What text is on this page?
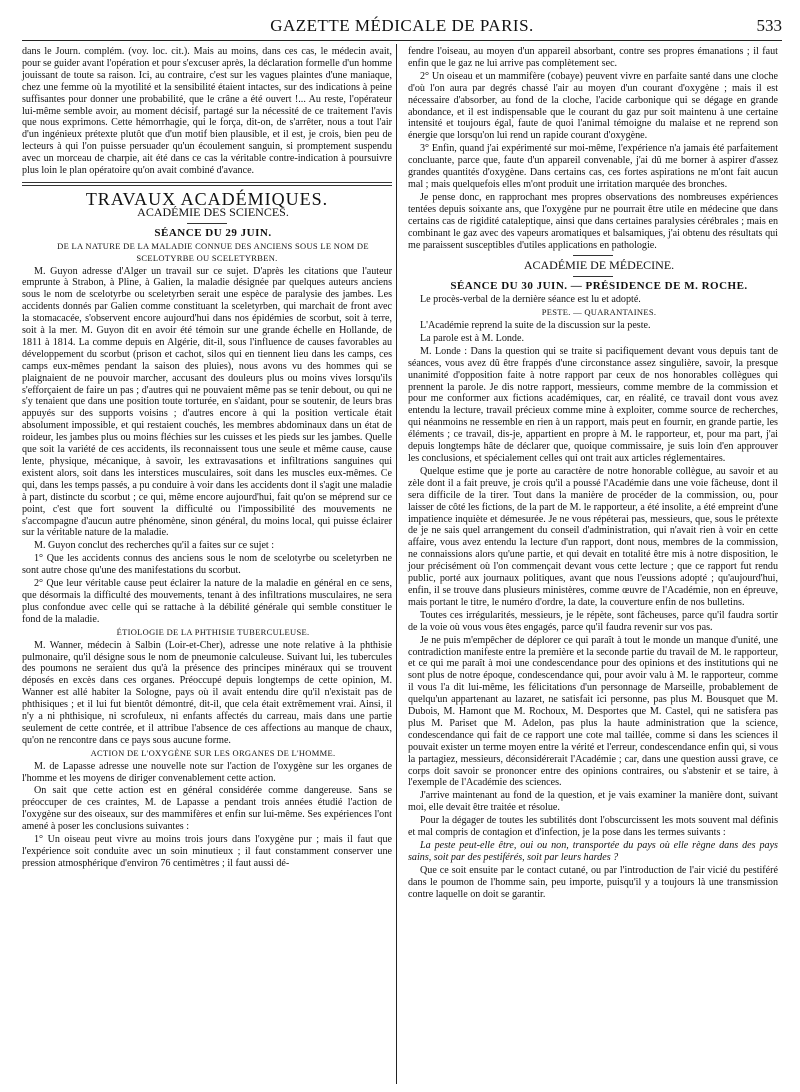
GAZETTE MÉDICALE DE PARIS.	533

dans le Journ. complém. (voy. loc. cit.). Mais au moins, dans ces cas, le médecin avait, pour se guider avant l'opération et pour s'excuser après, la déclaration formelle d'un homme jouissant de toute sa raison. Ici, au contraire, c'est sur les vagues plaintes d'une maniaque, chez une femme où la myotilité et la sensibilité étaient intactes, sur des indications à peine suffisantes pour donner une probabilité, que le crâne a été ouvert !... Au reste, l'opérateur lui-même semble avoir, au moment décisif, partagé sur la nécessité de ce traitement l'avis que nous exprimons. Cette hémorrhagie, qui le força, dit-on, de s'arrêter, nous a tout l'air d'un ingénieux prétexte plutôt que d'un motif bien plausible, et il est, je crois, bien peu de lecteurs à qui l'on puisse persuader qu'un écoulement sanguin, si promptement suspendu avec un morceau de charpie, ait été dans ce cas la véritable contre-indication à poursuivre plus loin le plan opératoire qu'on avait combiné d'avance.

TRAVAUX ACADÉMIQUES.

ACADÉMIE DES SCIENCES.

SÉANCE DU 29 JUIN.

DE LA NATURE DE LA MALADIE CONNUE DES ANCIENS SOUS LE NOM DE SCELOTYRBE OU SCELETYRBEN.

M. Guyon adresse d'Alger un travail sur ce sujet. D'après les citations que l'auteur emprunte à Strabon, à Pline, à Galien, la maladie désignée par quelques auteurs anciens sous le nom de scelotyrbe ou sceletyrben serait une espèce de paralysie des jambes. Les accidents donnés par Galien comme constituant la sceletyrben, qui marchait de front avec la stomacacée, s'observent encore aujourd'hui dans nos épidémies de scorbut, soit à terre, soit à la mer. M. Guyon dit en avoir été témoin sur une grande échelle en Hollande, de 1811 à 1814. La comme depuis en Algérie, dit-il, sous l'influence de causes favorables au développement du scorbut (prison et cachot, silos qui en tiennent lieu dans les camps, ces camps eux-mêmes pendant la saison des pluies), nous avons vu des hommes qui se plaignaient de ne pouvoir marcher, accusant des douleurs plus ou moins vives lorsqu'ils s'efforçaient de faire un pas ; d'autres qui ne pouvaient même pas se tenir debout, ou qui ne s'y tenaient que dans une position toute torturée, en s'aidant, pour se soutenir, de leurs bras appuyés sur des supports voisins ; d'autres encore à qui la position verticale était absolument impossible, et qui restaient couchés, les membres abdominaux dans un état de roideur, les jambes plus ou moins fléchies sur les cuisses et les pieds sur les jambes. Quelle que soit la variété de ces accidents, ils reconnaissent tous une seule et même cause, cause lente, physique, mécanique, à savoir, les extravasations et infiltrations sanguines qui existent alors, soit dans les interstices musculaires, soit dans les muscles eux-mêmes. Ce qui, dans les temps passés, a pu conduire à voir dans les accidents dont il s'agit une maladie à part, distincte du scorbut ; ce qui, même encore aujourd'hui, fait qu'on se méprend sur ce point, c'est que fort souvent la difficulté ou l'impossibilité des mouvements ne s'accompagne d'aucun autre phénomène, sinon général, du moins local, qui puisse éclairer sur la véritable nature de la maladie.

M. Guyon conclut des recherches qu'il a faites sur ce sujet :

1° Que les accidents connus des anciens sous le nom de scelotyrbe ou sceletyrben ne sont autre chose qu'une des manifestations du scorbut.

2° Que leur véritable cause peut éclairer la nature de la maladie en général en ce sens, que désormais la difficulté des mouvements, tenant à des infiltrations musculaires, ne sera plus confondue avec celle qui se rattache à la débilité générale qui semble constituer le fond de la maladie.

ÉTIOLOGIE DE LA PHTHISIE TUBERCULEUSE.

M. Wanner, médecin à Salbin (Loir-et-Cher), adresse une note relative à la phthisie pulmonaire, qu'il désigne sous le nom de pneumonie calculeuse. Suivant lui, les tubercules des poumons ne seraient dus qu'à la présence des principes minéraux qui se trouvent déposés en excès dans ces organes. Préoccupé depuis longtemps de cette opinion, M. Wanner est allé habiter la Sologne, pays où il avait entendu dire qu'il n'existait pas de phthisiques ; et il lui fut bientôt démontré, dit-il, que cela était extrêmement vrai. Ainsi, il n'y a ni phthisique, ni scrofuleux, ni enfants affectés du carreau, mais dans une partie seulement de cette contrée, et il attribue l'absence de ces affections au manque de chaux, qu'on ne rencontre dans ce pays sous aucune forme.

ACTION DE L'OXYGÈNE SUR LES ORGANES DE L'HOMME.

M. de Lapasse adresse une nouvelle note sur l'action de l'oxygène sur les organes de l'homme et les moyens de diriger convenablement cette action.

On sait que cette action est en général considérée comme dangereuse. Sans se préoccuper de ces craintes, M. de Lapasse a pendant trois années étudié l'action de l'oxygène sur des oiseaux, sur des mammifères et enfin sur lui-même. Ses expériences l'ont amené à poser les conclusions suivantes :

1° Un oiseau peut vivre au moins trois jours dans l'oxygène pur ; mais il faut que l'expérience soit conduite avec un soin minutieux ; il faut constamment conserver une pression atmosphérique d'environ 76 centimètres ; il faut aussi dé-

fendre l'oiseau, au moyen d'un appareil absorbant, contre ses propres émanations ; il faut enfin que le gaz ne lui arrive pas complètement sec.

2° Un oiseau et un mammifère (cobaye) peuvent vivre en parfaite santé dans une cloche d'où l'on aura par degrés chassé l'air au moyen d'un courant d'oxygène ; mais il est nécessaire d'absorber, au fond de la cloche, l'acide carbonique qui se dégage en grande abondance, et il est indispensable que le courant du gaz pur soit maintenu à une certaine intensité et toujours égal, faute de quoi l'animal témoigne du malaise et ne reprend son énergie que lorsqu'on lui rend un rapide courant d'oxygène.

3° Enfin, quand j'ai expérimenté sur moi-même, l'expérience n'a jamais été parfaitement concluante, parce que, faute d'un appareil convenable, j'ai dû me borner à aspirer d'assez grandes quantités d'oxygène. Dans certains cas, ces fortes aspirations ne m'ont fait aucun mal ; mais quelquefois elles m'ont produit une irritation marquée des bronches.

Je pense donc, en rapprochant mes propres observations des nombreuses expériences tentées depuis soixante ans, que l'oxygène pur ne pourrait être utile en médecine que dans certains cas de rigidité cataleptique, ainsi que dans certaines paralysies cérébrales ; mais en combinant le gaz avec des vapeurs aromatiques et balsamiques, j'ai obtenu des résultats qui me paraissent susceptibles d'utiles applications en pathologie.

ACADÉMIE DE MÉDECINE.

SÉANCE DU 30 JUIN. — PRÉSIDENCE DE M. ROCHE.

Le procès-verbal de la dernière séance est lu et adopté.

PESTE. — QUARANTAINES.

L'Académie reprend la suite de la discussion sur la peste.

La parole est à M. Londe.

M. Londe : Dans la question qui se traite si pacifiquement devant vous depuis tant de séances, vous avez dû être frappés d'une circonstance assez singulière, savoir, la presque unanimité d'opposition faite à notre rapport par ceux de nos honorables collègues qui prennent la parole. Je dis notre rapport, messieurs, comme membre de la commission et pour me conformer aux fictions académiques, car, en réalité, ce travail dont vous avez entendu la lecture, travail précieux comme mine à exploiter, comme source de recherches, qui néanmoins ne ressemble en rien à un rapport, mais peut en fournir, en grande partie, les éléments ; ce travail, dis-je, appartient en propre à M. le rapporteur, et, pour ma part, j'ai depuis longtemps hâte de déclarer que, quoique commissaire, je suis loin d'en approuver les conclusions, et spécialement celles qui ont trait aux articles réglementaires.

Quelque estime que je porte au caractère de notre honorable collègue, au savoir et au zèle dont il a fait preuve, je crois qu'il a poussé l'Académie dans une voie fâcheuse, dont il sera difficile de la tirer. Tout dans la manière de procéder de la commission, ou, pour laisser de côté les fictions, de la part de M. le rapporteur, a été insolite, a été empreint d'une impatience inquiète et démesurée. Je ne vous répéterai pas, messieurs, que, sous le prétexte de je ne sais quel arrangement du conseil d'administration, qui n'avait rien à voir en cette affaire, vous avez entendu la lecture d'un rapport, dont nous, membres de la commission, ne connaissions alors qu'une partie, et qui devait en totalité être mis à notre disposition, le jour précisément où l'on commençait devant vous cette lecture ; que ce rapport fut rendu public, porté aux journaux politiques, avant que nous l'eussions adopté ; qu'aujourd'hui, enfin, il se trouve dans plusieurs ministères, comme œuvre de l'Académie, non en épreuve, mais portant le titre, le numéro d'ordre, la date, la couverture enfin de nos bulletins.

Toutes ces irrégularités, messieurs, je le répète, sont fâcheuses, parce qu'il faudra sortir de la voie où vous vous êtes engagés, parce qu'il faudra revenir sur vos pas.

Je ne puis m'empêcher de déplorer ce qui paraît à tout le monde un manque d'unité, une contradiction manifeste entre la première et la seconde partie du travail de M. le rapporteur, et ce qui me paraît à moi une condescendance pour des opinions et des institutions qui ne sont plus de notre époque, condescendance qui, pour avoir valu à M. le rapporteur, comme il vous l'a dit lui-même, les félicitations d'un personnage de Marseille, probablement de quelqu'un appartenant au lazaret, ne satisfait ici personne, pas plus M. Bousquet que M. Dubois, M. Hamont que M. Rochoux, M. Desportes que M. Castel, qui ne satisfera pas plus M. Pariset que M. Adelon, pas plus la haute administration que la science, condescendance qui fait de ce rapport une cote mal taillée, comme si dans les sciences il pouvait exister un terme moyen entre la vérité et l'erreur, condescendance enfin qui, si vous la partagiez, messieurs, déconsidérerait l'Académie ; car, dans une question aussi grave, ce corps doit savoir se prononcer entre des opinions contraires, ou s'abstenir et se taire, à l'exemple de l'Académie des sciences.

J'arrive maintenant au fond de la question, et je vais examiner la manière dont, suivant moi, elle devait être traitée et résolue.

Pour la dégager de toutes les subtilités dont l'obscurcissent les mots souvent mal définis et mal compris de contagion et d'infection, je la pose dans les termes suivants :

La peste peut-elle être, oui ou non, transportée du pays où elle règne dans des pays sains, soit par des pestiférés, soit par leurs hardes ?

Que ce soit ensuite par le contact cutané, ou par l'introduction de l'air vicié du pestiféré dans le poumon de l'homme sain, peu importe, puisqu'il y a toujours là une transmission contre laquelle on doit se garantir.
